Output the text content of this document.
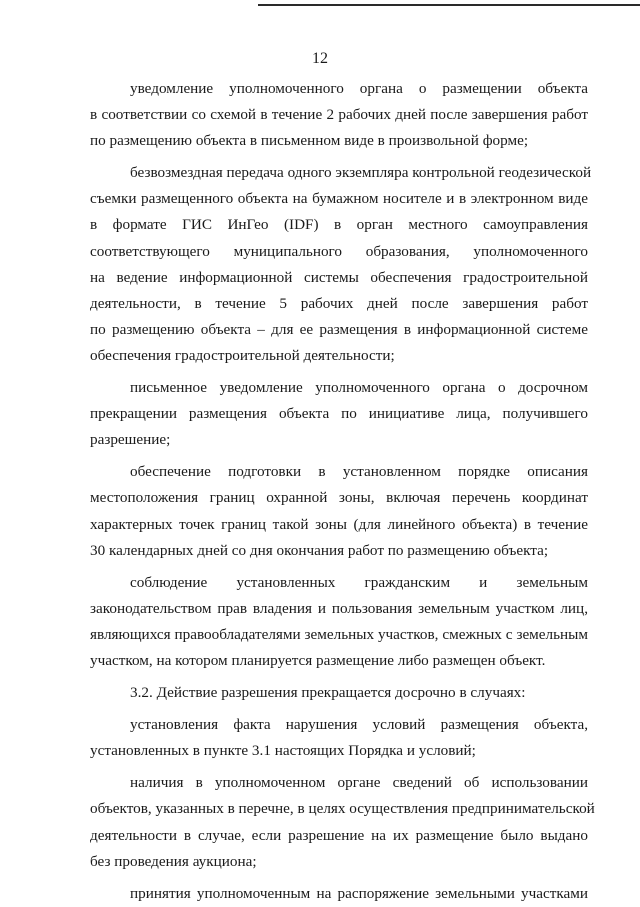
12
уведомление уполномоченного органа о размещении объекта
в соответствии со схемой в течение 2 рабочих дней после завершения работ
по размещению объекта в письменном виде в произвольной форме;
безвозмездная передача одного экземпляра контрольной геодезической
съемки размещенного объекта на бумажном носителе и в электронном виде
в формате ГИС ИнГео (IDF) в орган местного самоуправления
соответствующего муниципального образования, уполномоченного
на ведение информационной системы обеспечения градостроительной
деятельности, в течение 5 рабочих дней после завершения работ
по размещению объекта – для ее размещения в информационной системе
обеспечения градостроительной деятельности;
письменное уведомление уполномоченного органа о досрочном
прекращении размещения объекта по инициативе лица, получившего
разрешение;
обеспечение подготовки в установленном порядке описания
местоположения границ охранной зоны, включая перечень координат
характерных точек границ такой зоны (для линейного объекта) в течение
30 календарных дней со дня окончания работ по размещению объекта;
соблюдение установленных гражданским и земельным
законодательством прав владения и пользования земельным участком лиц,
являющихся правообладателями земельных участков, смежных с земельным
участком, на котором планируется размещение либо размещен объект.
3.2. Действие разрешения прекращается досрочно в случаях:
установления факта нарушения условий размещения объекта,
установленных в пункте 3.1 настоящих Порядка и условий;
наличия в уполномоченном органе сведений об использовании
объектов, указанных в перечне, в целях осуществления предпринимательской
деятельности в случае, если разрешение на их размещение было выдано
без проведения аукциона;
принятия уполномоченным на распоряжение земельными участками
